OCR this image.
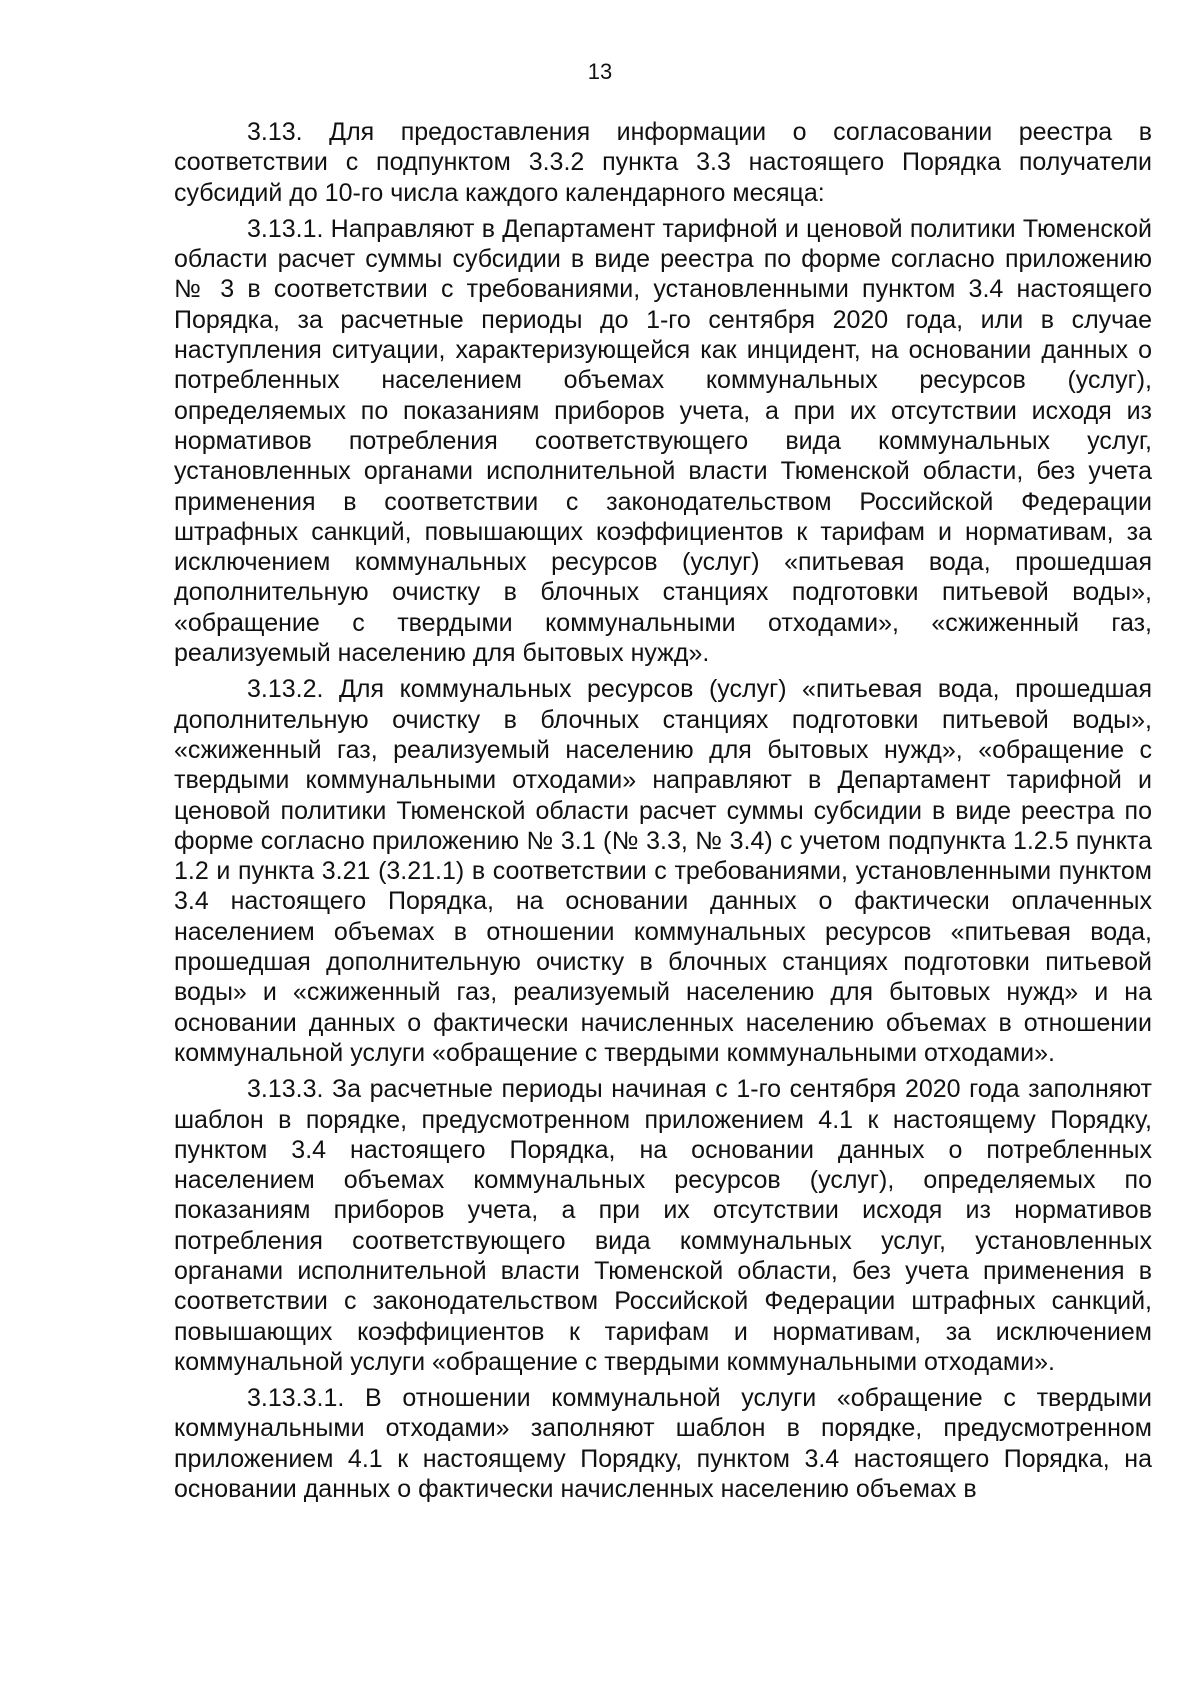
13

3.13. Для предоставления информации о согласовании реестра в соответствии с подпунктом 3.3.2 пункта 3.3 настоящего Порядка получатели субсидий до 10-го числа каждого календарного месяца:

3.13.1. Направляют в Департамент тарифной и ценовой политики Тюменской области расчет суммы субсидии в виде реестра по форме согласно приложению № 3 в соответствии с требованиями, установленными пунктом 3.4 настоящего Порядка, за расчетные периоды до 1-го сентября 2020 года, или в случае наступления ситуации, характеризующейся как инцидент, на основании данных о потребленных населением объемах коммунальных ресурсов (услуг), определяемых по показаниям приборов учета, а при их отсутствии исходя из нормативов потребления соответствующего вида коммунальных услуг, установленных органами исполнительной власти Тюменской области, без учета применения в соответствии с законодательством Российской Федерации штрафных санкций, повышающих коэффициентов к тарифам и нормативам, за исключением коммунальных ресурсов (услуг) «питьевая вода, прошедшая дополнительную очистку в блочных станциях подготовки питьевой воды», «обращение с твердыми коммунальными отходами», «сжиженный газ, реализуемый населению для бытовых нужд».

3.13.2. Для коммунальных ресурсов (услуг) «питьевая вода, прошедшая дополнительную очистку в блочных станциях подготовки питьевой воды», «сжиженный газ, реализуемый населению для бытовых нужд», «обращение с твердыми коммунальными отходами» направляют в Департамент тарифной и ценовой политики Тюменской области расчет суммы субсидии в виде реестра по форме согласно приложению № 3.1 (№ 3.3, № 3.4) с учетом подпункта 1.2.5 пункта 1.2 и пункта 3.21 (3.21.1) в соответствии с требованиями, установленными пунктом 3.4 настоящего Порядка, на основании данных о фактически оплаченных населением объемах в отношении коммунальных ресурсов «питьевая вода, прошедшая дополнительную очистку в блочных станциях подготовки питьевой воды» и «сжиженный газ, реализуемый населению для бытовых нужд» и на основании данных о фактически начисленных населению объемах в отношении коммунальной услуги «обращение с твердыми коммунальными отходами».

3.13.3. За расчетные периоды начиная с 1-го сентября 2020 года заполняют шаблон в порядке, предусмотренном приложением 4.1 к настоящему Порядку, пунктом 3.4 настоящего Порядка, на основании данных о потребленных населением объемах коммунальных ресурсов (услуг), определяемых по показаниям приборов учета, а при их отсутствии исходя из нормативов потребления соответствующего вида коммунальных услуг, установленных органами исполнительной власти Тюменской области, без учета применения в соответствии с законодательством Российской Федерации штрафных санкций, повышающих коэффициентов к тарифам и нормативам, за исключением коммунальной услуги «обращение с твердыми коммунальными отходами».

3.13.3.1. В отношении коммунальной услуги «обращение с твердыми коммунальными отходами» заполняют шаблон в порядке, предусмотренном приложением 4.1 к настоящему Порядку, пунктом 3.4 настоящего Порядка, на основании данных о фактически начисленных населению объемах в
